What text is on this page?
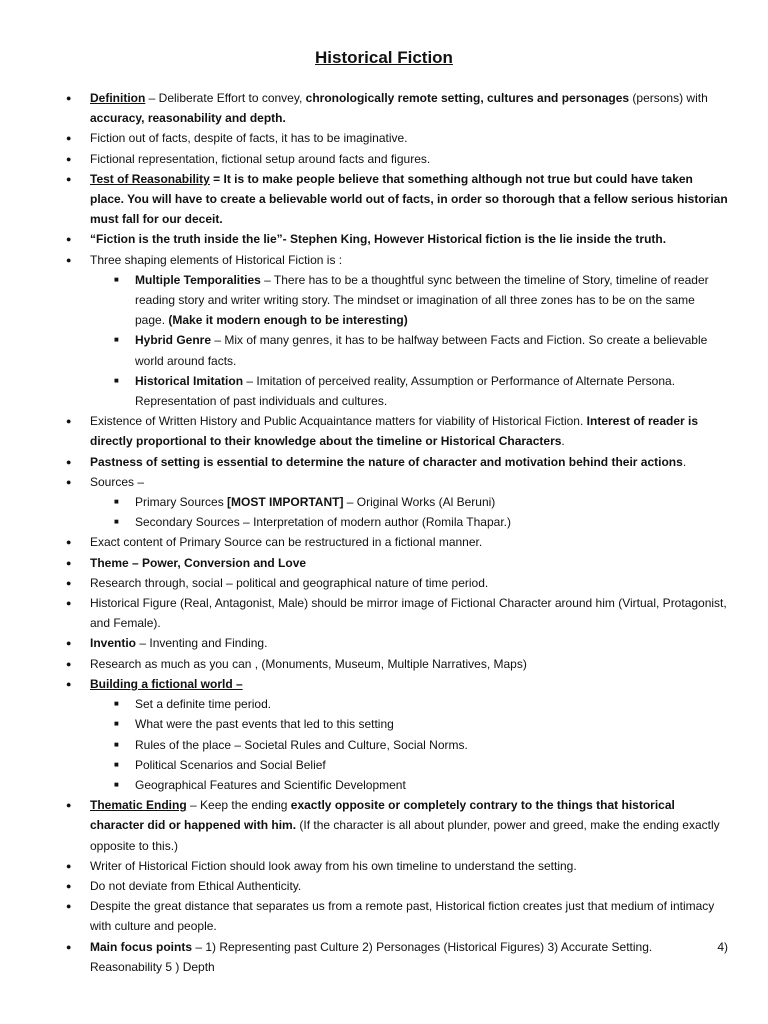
Historical Fiction
● Definition – Deliberate Effort to convey, chronologically remote setting, cultures and personages (persons) with accuracy, reasonability and depth.
● Fiction out of facts, despite of facts, it has to be imaginative.
● Fictional representation, fictional setup around facts and figures.
● Test of Reasonability = It is to make people believe that something although not true but could have taken place. You will have to create a believable world out of facts, in order so thorough that a fellow serious historian must fall for our deceit.
● “Fiction is the truth inside the lie”- Stephen King, However Historical fiction is the lie inside the truth.
● Three shaping elements of Historical Fiction is :
■ Multiple Temporalities – There has to be a thoughtful sync between the timeline of Story, timeline of reader reading story and writer writing story. The mindset or imagination of all three zones has to be on the same page. (Make it modern enough to be interesting)
■ Hybrid Genre – Mix of many genres, it has to be halfway between Facts and Fiction. So create a believable world around facts.
■ Historical Imitation – Imitation of perceived reality, Assumption or Performance of Alternate Persona. Representation of past individuals and cultures.
● Existence of Written History and Public Acquaintance matters for viability of Historical Fiction. Interest of reader is directly proportional to their knowledge about the timeline or Historical Characters.
● Pastness of setting is essential to determine the nature of character and motivation behind their actions.
● Sources –
■ Primary Sources [MOST IMPORTANT] – Original Works (Al Beruni)
■ Secondary Sources – Interpretation of modern author (Romila Thapar.)
● Exact content of Primary Source can be restructured in a fictional manner.
● Theme – Power, Conversion and Love
● Research through, social – political and geographical nature of time period.
● Historical Figure (Real, Antagonist, Male) should be mirror image of Fictional Character around him (Virtual, Protagonist, and Female).
● Inventio – Inventing and Finding.
● Research as much as you can , (Monuments, Museum, Multiple Narratives, Maps)
● Building a fictional world –
■ Set a definite time period.
■ What were the past events that led to this setting
■ Rules of the place – Societal Rules and Culture, Social Norms.
■ Political Scenarios and Social Belief
■ Geographical Features and Scientific Development
● Thematic Ending – Keep the ending exactly opposite or completely contrary to the things that historical character did or happened with him. (If the character is all about plunder, power and greed, make the ending exactly opposite to this.)
● Writer of Historical Fiction should look away from his own timeline to understand the setting.
● Do not deviate from Ethical Authenticity.
● Despite the great distance that separates us from a remote past, Historical fiction creates just that medium of intimacy with culture and people.
● Main focus points – 1) Representing past Culture 2) Personages (Historical Figures) 3) Accurate Setting.	4)
Reasonability 5 ) Depth
